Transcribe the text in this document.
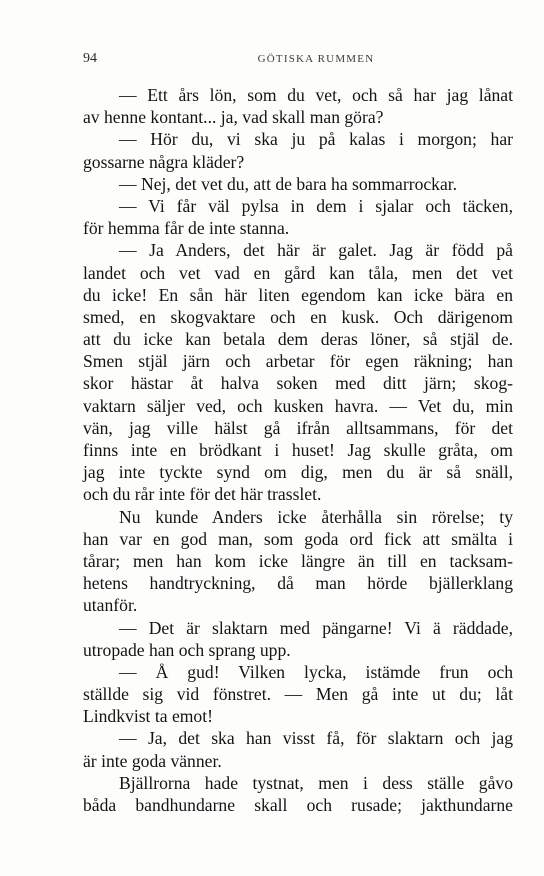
94	GÖTISKA RUMMEN
— Ett års lön, som du vet, och så har jag lånat
av henne kontant... ja, vad skall man göra?
— Hör du, vi ska ju på kalas i morgon; har
gossarne några kläder?
— Nej, det vet du, att de bara ha sommarrockar.
— Vi får väl pylsa in dem i sjalar och täcken,
för hemma får de inte stanna.
— Ja Anders, det här är galet. Jag är född på
landet och vet vad en gård kan tåla, men det vet
du icke! En sån här liten egendom kan icke bära en
smed, en skogvaktare och en kusk. Och därigenom
att du icke kan betala dem deras löner, så stjäl de.
Smen stjäl järn och arbetar för egen räkning; han
skor hästar åt halva soken med ditt järn; skog-
vaktarn säljer ved, och kusken havra. — Vet du, min
vän, jag ville hälst gå ifrån alltsammans, för det
finns inte en brödkant i huset! Jag skulle gråta, om
jag inte tyckte synd om dig, men du är så snäll,
och du rår inte för det här trasslet.
Nu kunde Anders icke återhålla sin rörelse; ty
han var en god man, som goda ord fick att smälta i
tårar; men han kom icke längre än till en tacksam-
hetens handtryckning, då man hörde bjällerklang
utanför.
— Det är slaktarn med pängarne! Vi ä räddade,
utropade han och sprang upp.
— Å gud! Vilken lycka, istämde frun och
ställde sig vid fönstret. — Men gå inte ut du; låt
Lindkvist ta emot!
— Ja, det ska han visst få, för slaktarn och jag
är inte goda vänner.
Bjällrorna hade tystnat, men i dess ställe gåvo
båda bandhundarne skall och rusade; jakthundarne
